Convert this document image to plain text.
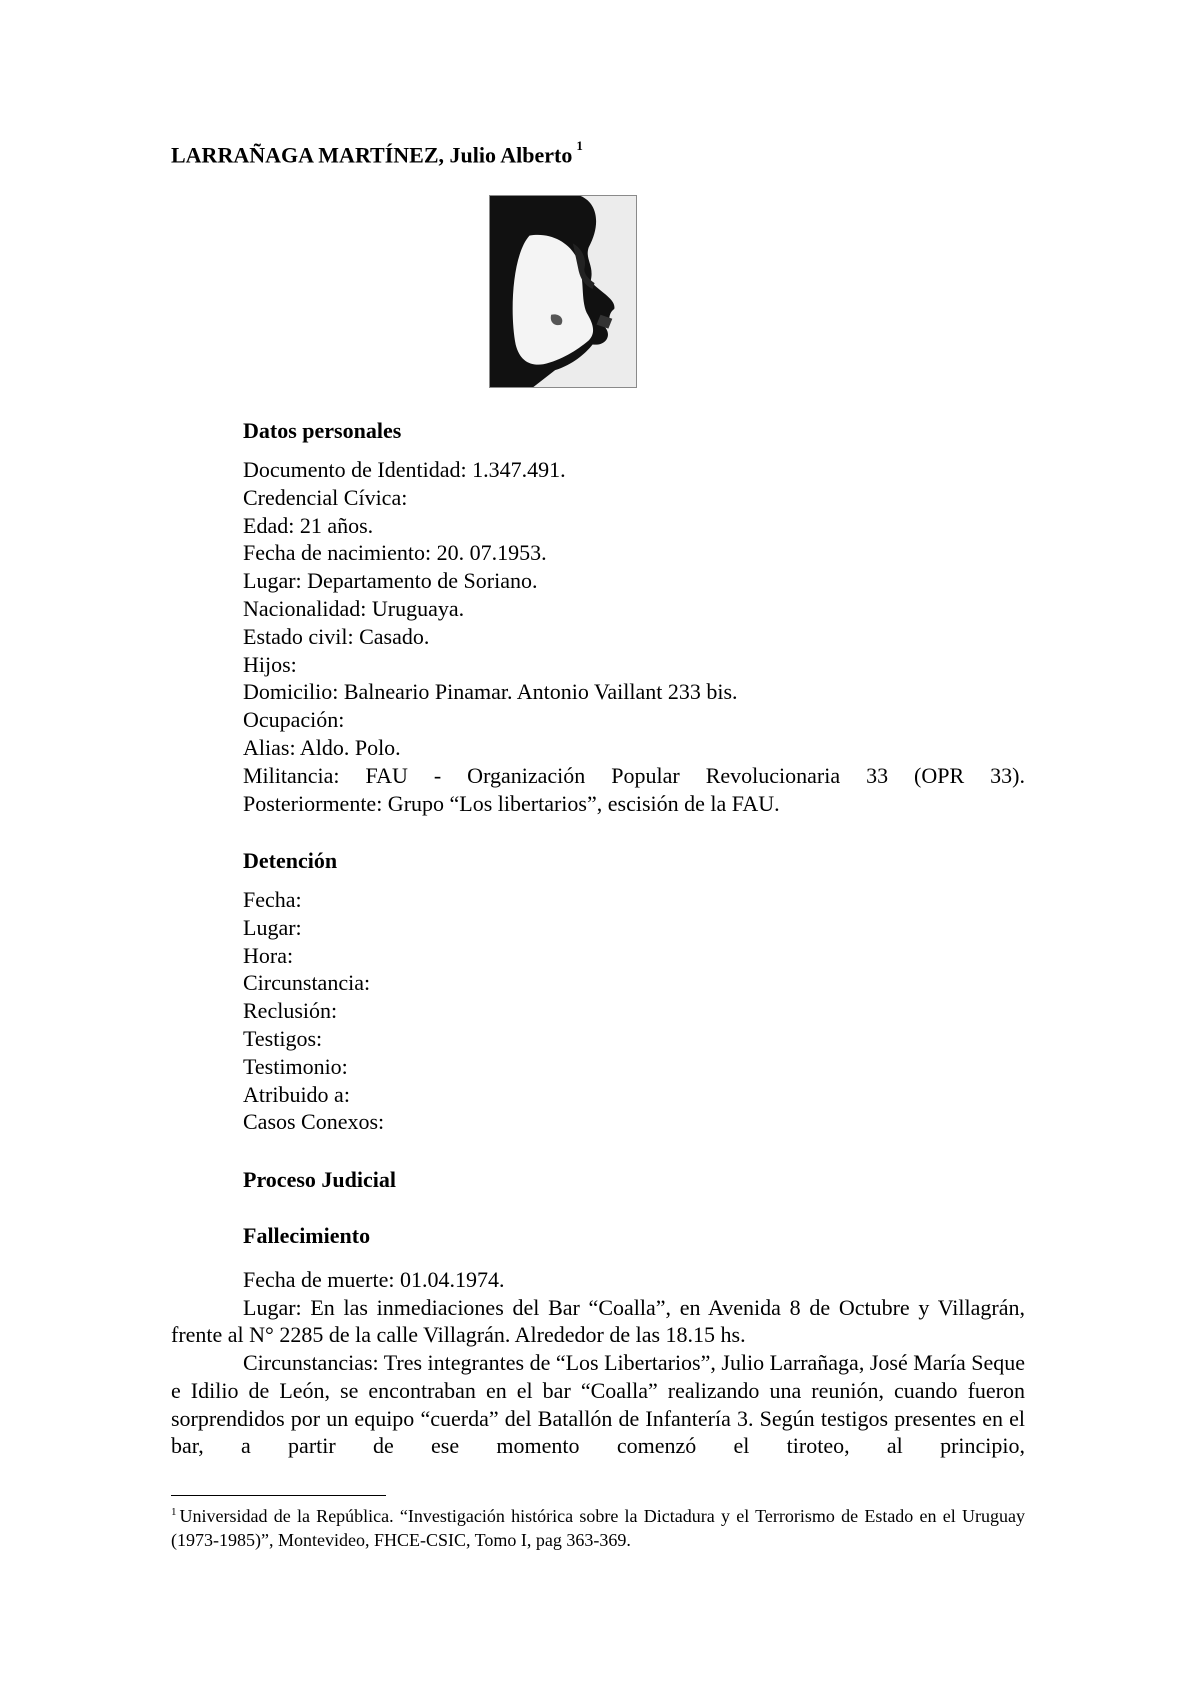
LARRAÑAGA MARTÍNEZ, Julio Alberto $^1$
Datos personales
Documento de Identidad: 1.347.491.
Credencial Cívica:
Edad: 21 años.
Fecha de nacimiento: 20. 07.1953.
Lugar: Departamento de Soriano.
Nacionalidad: Uruguaya.
Estado civil: Casado.
Hijos:
Domicilio: Balneario Pinamar. Antonio Vaillant 233 bis.
Ocupación:
Alias: Aldo. Polo.
Militancia: FAU - Organización Popular Revolucionaria 33 (OPR 33).
Posteriormente: Grupo “Los libertarios”, escisión de la FAU.
Detención
Fecha:
Lugar:
Hora:
Circunstancia:
Reclusión:
Testigos:
Testimonio:
Atribuido a:
Casos Conexos:
Proceso Judicial
Fallecimiento

Fecha de muerte: 01.04.1974.

Lugar: En las inmediaciones del Bar “Coalla”, en Avenida 8 de Octubre y Villagrán, frente al N° 2285 de la calle Villagrán. Alrededor de las 18.15 hs.

Circunstancias: Tres integrantes de “Los Libertarios”, Julio Larrañaga, José María Seque e Idilio de León, se encontraban en el bar “Coalla” realizando una reunión, cuando fueron sorprendidos por un equipo “cuerda” del Batallón de Infantería 3. Según testigos presentes en el bar, a partir de ese momento comenzó el tiroteo, al principio,

$^1$ Universidad de la República. “Investigación histórica sobre la Dictadura y el Terrorismo de Estado en el Uruguay (1973-1985)”, Montevideo, FHCE-CSIC, Tomo I, pag 363-369.
